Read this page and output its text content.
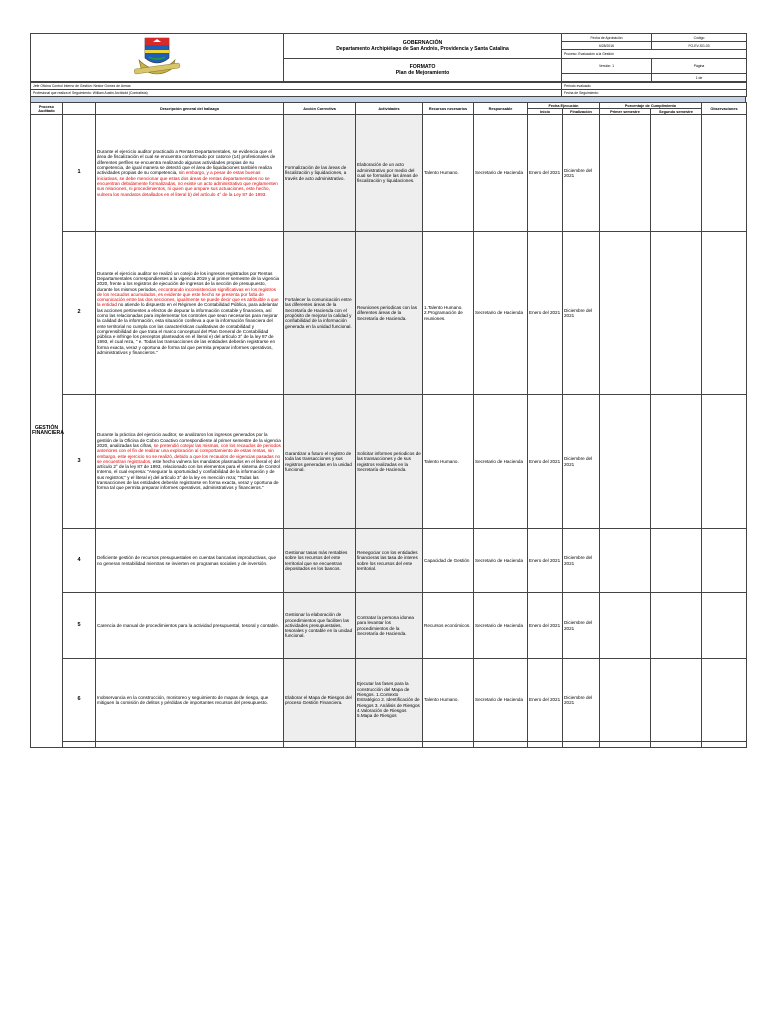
GOBERNACIÓN
Departamento Archipiélago de San Andrés, Providencia y Santa Catalina	Fecha de Aprobación	Código
		6/28/2016	FO-EV-SG-03
		Proceso: Evaluación a la Gestión	

	FORMATO
Plan de Mejoramiento	Versión: 1	Página
			1 de
Jefe Oficina Control Interno de Gestión: Nestor Gómez de Armas	Periodo evaluado:
Profesional que realiza el Seguimiento: William Austin Archbold (Contratista)	Fecha de Seguimiento:
Proceso Auditado		Descripción general del hallazgo	Acción Correctiva	Actividades	Recursos necesarios	Responsable	Fecha Ejecución		Porcentaje de Cumplimiento		Observaciones
							Inicio	Finalización	Primer semestre	Segundo semestre	
GESTIÓN FINANCIERA	1	Durante el ejercicio auditor practicado a Rentas Departamentales, se evidencia que el área de fiscalización el cual se encuentra conformado por catorce (14) profesionales de diferentes perfiles se encuentra realizando algunas actividades propias de su competencia, de igual manera se detectó que el área de liquidaciones también realiza actividades propias de su competencia, sin embargo, y a pesar de estas buenas iniciativas, se debe mencionar que estas dos áreas de rentas departamentales no se encuentran debidamente formalizadas, no existe un acto administrativo que reglamenten sus relaciones, ni procedimientos, ni quien que ampare sus actuaciones, este hecho, vulnera los mandatos detallados en el literal b) del artículo 4° de la Ley 87 de 1993.	Formalización de las áreas de fiscalización y liquidaciones, a través de acto administrativo.	Elaboración de un acto administrativo por medio del cual se formalice las áreas de fiscalización y liquidaciones.	Talento Humano.	Secretario de Hacienda	Enero del 2021	Diciembre del 2021			
	2	Durante el ejercicio auditor se realizó un cotejo de los ingresos registrados por Rentas Departamentales correspondientes a la vigencia 2019 y al primer semestre de la vigencia 2020, frente a los registros de ejecución de ingresos de la sección de presupuesto, durante los mismos periodos, encontrando inconsistencias significativas en los registros de los recaudos acumulados, es evidente que este hecho se presenta por falta de comunicación entre las dos secciones, igualmente se puede decir que es atribuible a que la entidad no atiende lo dispuesto en el Régimen de Contabilidad Pública, para adelantar las acciones pertinentes a efectos de depurar la información contable y financiera, así como las relacionadas para implementar los controles que sean necesarios para mejorar la calidad de la información, esta situación conlleva a que la información financiera del ente territorial no cumpla con las características cualitativas de contabilidad y comprensibilidad de que trata el marco conceptual del Plan General de Contabilidad pública e infringe los preceptos planteados en el literal e) del artículo 3° de la ley 87 de 1993, el cual reza, " e. Todas las transacciones de las entidades deberán registrarse en forma exacta, veraz y oportuna de forma tal que permita preparar informes operativos, administrativos y financieros."	Fortalecer la comunicación entre las diferentes áreas de la Secretaría de Hacienda con el propósito de mejorar la calidad y confiabilidad de la información generada en la unidad funcional.	Reuniones periodicas con las diferentes áreas de la Secretaría de Hacienda.	1.Talento Humano. 2.Programación de reuniones.	Secretario de Hacienda	Enero del 2021	Diciembre del 2021			
	3	Durante la práctica del ejercicio auditor, se analizaron los ingresos generados por la gestión de la Oficina de Cobro Coactivo correspondiente al primer semestre de la vigencia 2020, analizadas las cifras, se pretendió cotejar las mismas, con los recaudos de periodos anteriores con el fin de realizar una exploración al comportamiento de estas rentas, sin embargo, este ejercicio no se realizó, debido a que los recaudos de vigencias pasadas no se encuentran registrados, este hecho vulnera los mandatos plasmados en el literal e) del artículo 2° de la ley 87 de 1993, relacionado con los elementos para el sistema de Control Interno, el cual expresa: "Asegurar la oportunidad y confiabilidad de la información y de sus registros;" y el literal e) del artículo 3° de la ley en mención reza; "Todas las transacciones de las entidades deberán registrarse en forma exacta, veraz y oportuna de forma tal que permita preparar informes operativos, administrativos y financieros."	Garantizar a futuro el registro de toda las transacciones y sus registros generadas en la unidad funcional.	Solicitar informes periodicos de las transacciones y de sus registros realizadas en la Secretaría de Hacienda.	Talento Humano.	Secretario de Hacienda	Enero del 2021	Diciembre del 2021			
	4	Deficiente gestión de recursos presupuestales en cuentas bancarias improductivas, que no generan rentabilidad mientras se invierten en programas sociales y de inversión.	Gestionar tasas más rentables sobre los recursos del ente territorial que se encuentran depositados en los bancos.	Renegociar con los entidades financieras las tasa de interes sobre los recursos del ente territorial.	Capacidad de Gestión	Secretario de Hacienda	Enero del 2021	Diciembre del 2021			
	5	Carencia de manual de procedimientos para la actividad presupuestal, tesoral y contable.	Gestionar la elaboración de procedimientos que faciliten las actividades presupuestales, tesorales y contable en la unidad funcional.	Contratar la persona idonea para levantar los procedimientos de la Secretaría de Hacienda.	Recursos económicos.	Secretario de Hacienda	Enero del 2021	Diciembre del 2021			
	6	Inobservancia en la construcción, monitoreo y seguimiento de mapas de riesgo, que mitiguen la comisión de delitos y pérdidas de importantes recursos del presupuesto.	Elaborar el Mapa de Riesgos del proceso Gestión Financiera.	Ejecutar las fases para la construcción del Mapa de Riesgos. 1.Contexto Estratégico 2. Identificación de Riesgos 3. Análisis de Riesgos 4.Valoración de Riesgos 5.Mapa de Riesgos	Talento Humano.	Secretario de Hacienda	Enero del 2021	Diciembre del 2021			
